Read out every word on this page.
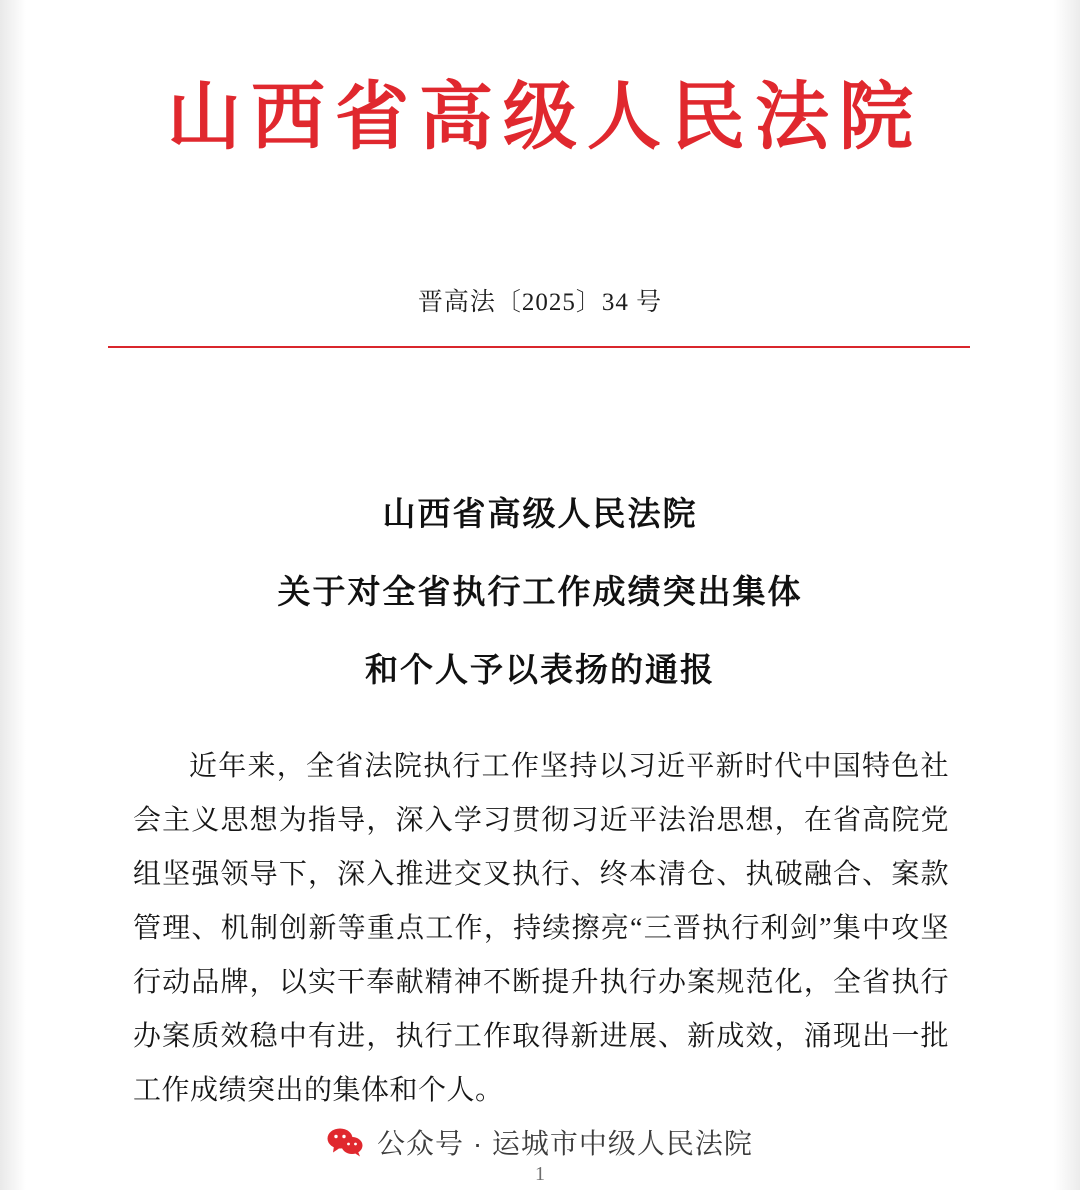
山西省高级人民法院
晋高法〔2025〕34 号
山西省高级人民法院
关于对全省执行工作成绩突出集体
和个人予以表扬的通报

近年来，全省法院执行工作坚持以习近平新时代中国特色社会主义思想为指导，深入学习贯彻习近平法治思想，在省高院党组坚强领导下，深入推进交叉执行、终本清仓、执破融合、案款管理、机制创新等重点工作，持续擦亮“三晋执行利剑”集中攻坚行动品牌，以实干奉献精神不断提升执行办案规范化，全省执行办案质效稳中有进，执行工作取得新进展、新成效，涌现出一批工作成绩突出的集体和个人。

公众号 · 运城市中级人民法院
1
